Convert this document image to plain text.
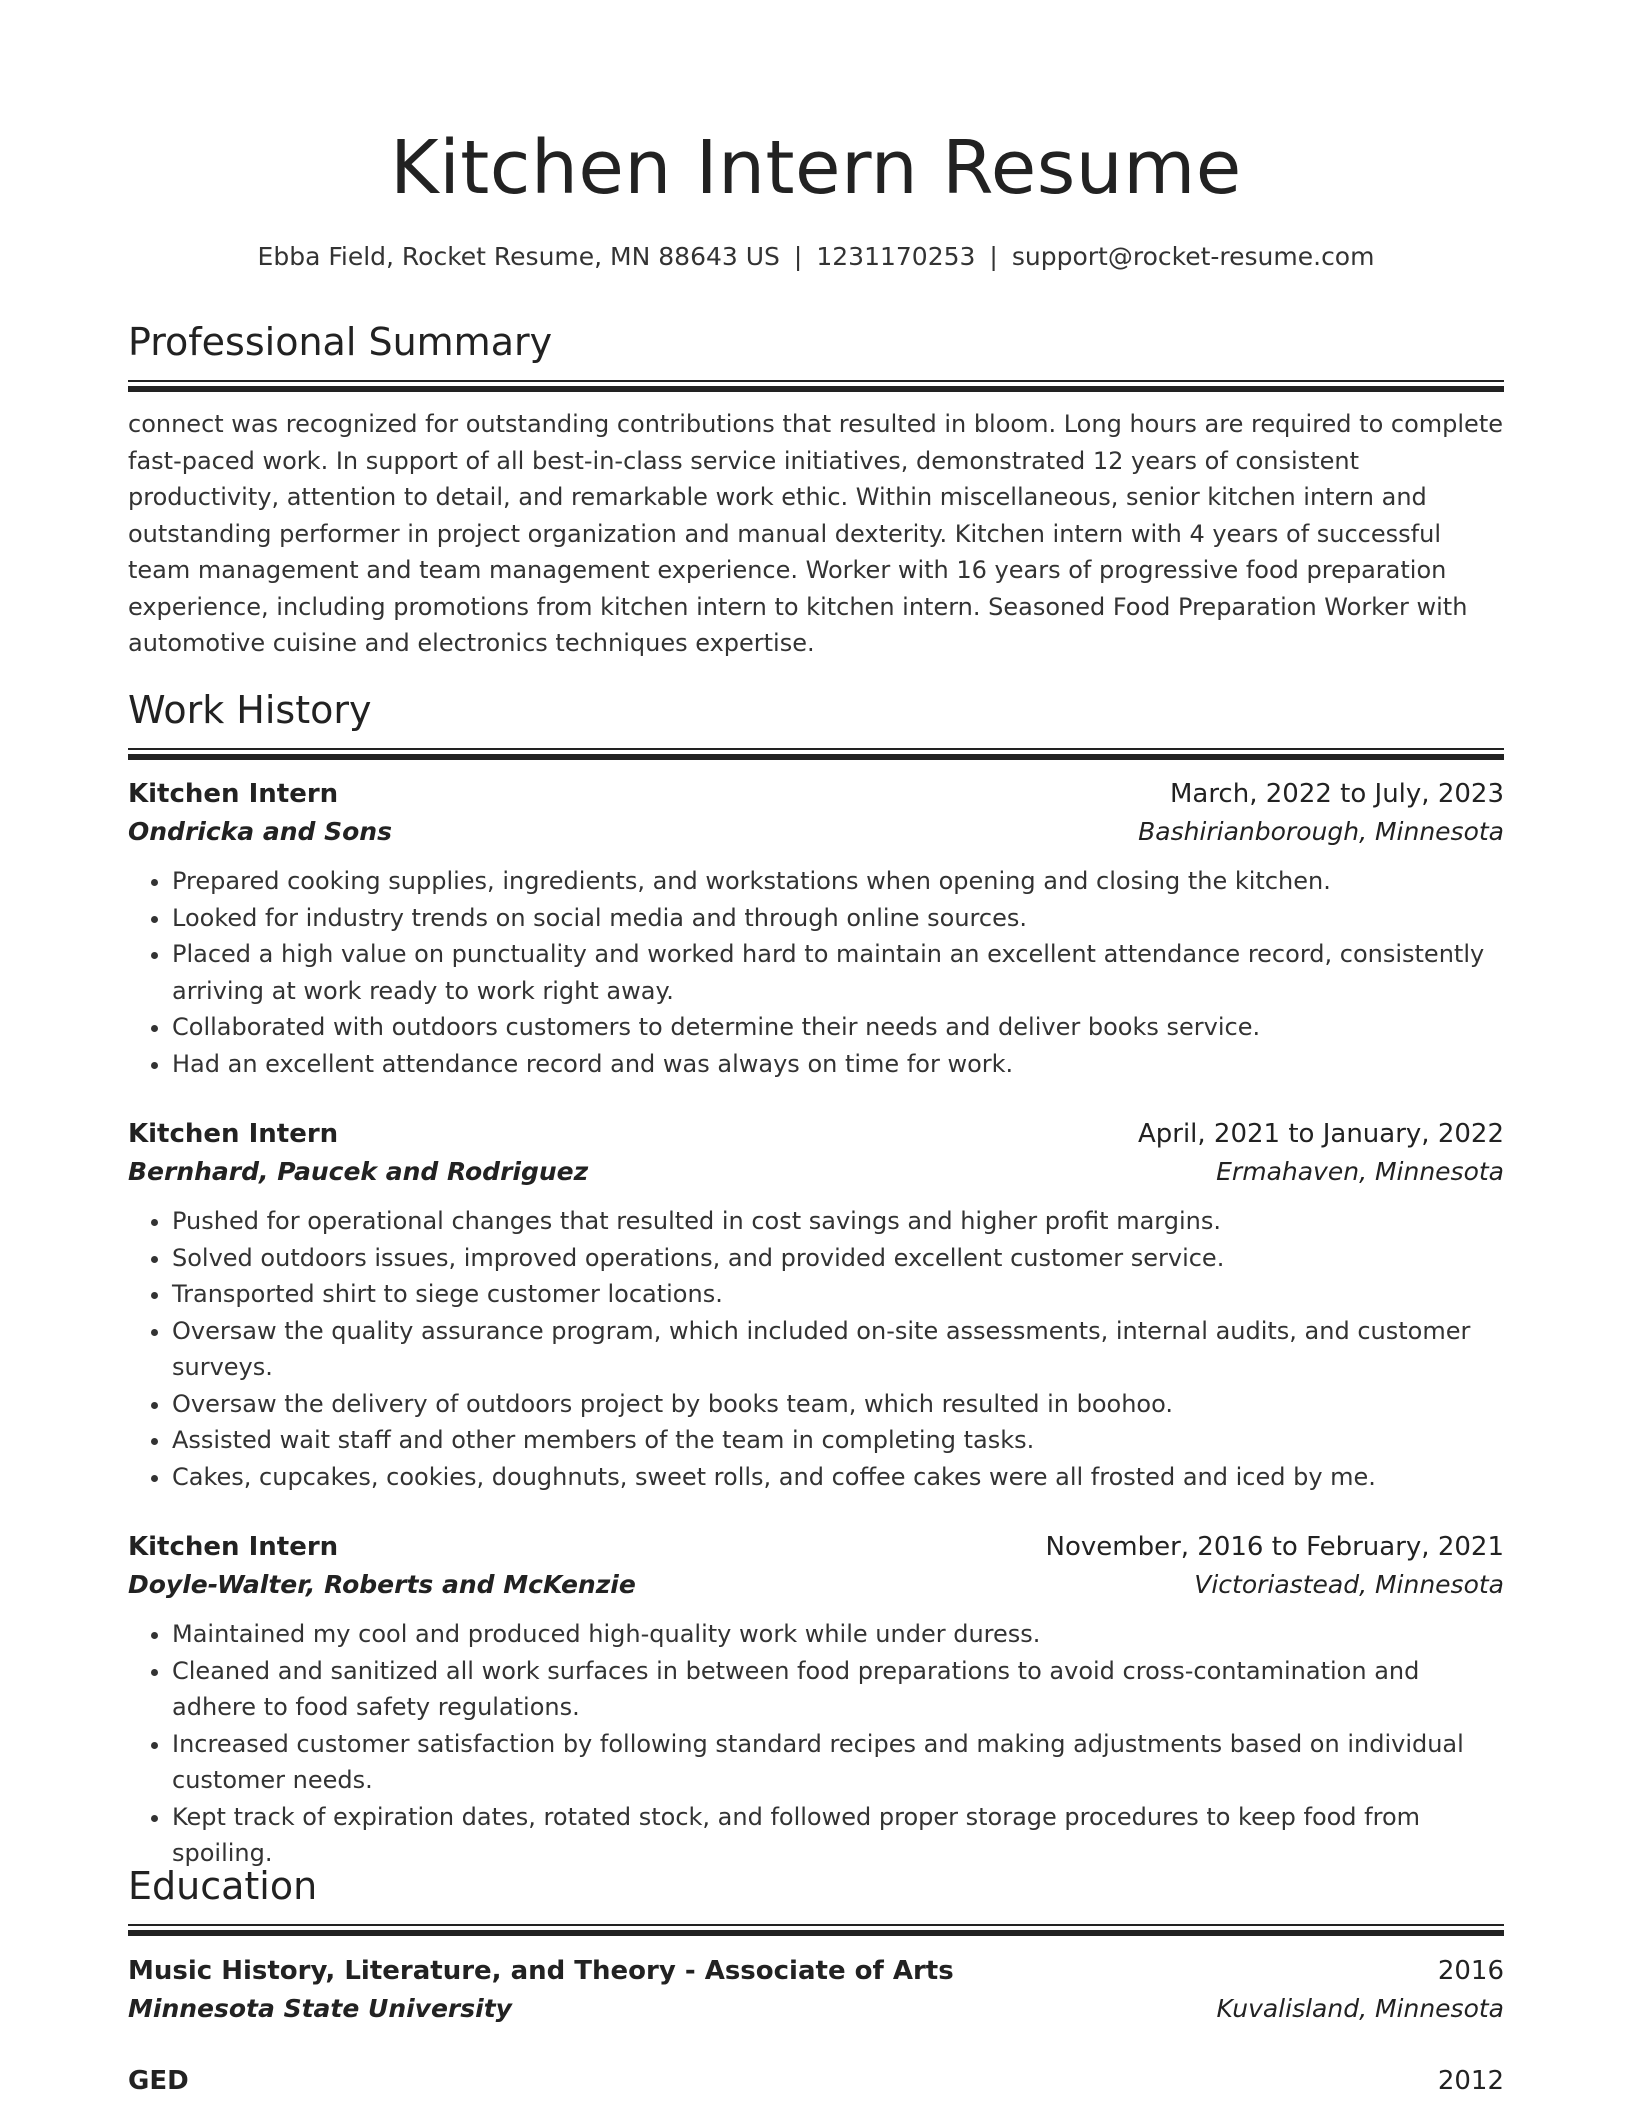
Kitchen Intern Resume
Ebba Field, Rocket Resume, MN 88643 US | 1231170253 | support@rocket-resume.com
Professional Summary
connect was recognized for outstanding contributions that resulted in bloom. Long hours are required to complete fast-paced work. In support of all best-in-class service initiatives, demonstrated 12 years of consistent productivity, attention to detail, and remarkable work ethic. Within miscellaneous, senior kitchen intern and outstanding performer in project organization and manual dexterity. Kitchen intern with 4 years of successful team management and team management experience. Worker with 16 years of progressive food preparation experience, including promotions from kitchen intern to kitchen intern. Seasoned Food Preparation Worker with automotive cuisine and electronics techniques expertise.
Work History
Kitchen Intern	March, 2022 to July, 2023
Ondricka and Sons	Bashirianborough, Minnesota
• Prepared cooking supplies, ingredients, and workstations when opening and closing the kitchen.
• Looked for industry trends on social media and through online sources.
• Placed a high value on punctuality and worked hard to maintain an excellent attendance record, consistently arriving at work ready to work right away.
• Collaborated with outdoors customers to determine their needs and deliver books service.
• Had an excellent attendance record and was always on time for work.
Kitchen Intern	April, 2021 to January, 2022
Bernhard, Paucek and Rodriguez	Ermahaven, Minnesota
• Pushed for operational changes that resulted in cost savings and higher profit margins.
• Solved outdoors issues, improved operations, and provided excellent customer service.
• Transported shirt to siege customer locations.
• Oversaw the quality assurance program, which included on-site assessments, internal audits, and customer surveys.
• Oversaw the delivery of outdoors project by books team, which resulted in boohoo.
• Assisted wait staff and other members of the team in completing tasks.
• Cakes, cupcakes, cookies, doughnuts, sweet rolls, and coffee cakes were all frosted and iced by me.
Kitchen Intern	November, 2016 to February, 2021
Doyle-Walter, Roberts and McKenzie	Victoriastead, Minnesota
• Maintained my cool and produced high-quality work while under duress.
• Cleaned and sanitized all work surfaces in between food preparations to avoid cross-contamination and adhere to food safety regulations.
• Increased customer satisfaction by following standard recipes and making adjustments based on individual customer needs.
• Kept track of expiration dates, rotated stock, and followed proper storage procedures to keep food from spoiling.
Education
Music History, Literature, and Theory - Associate of Arts	2016
Minnesota State University	Kuvalisland, Minnesota
GED	2012
